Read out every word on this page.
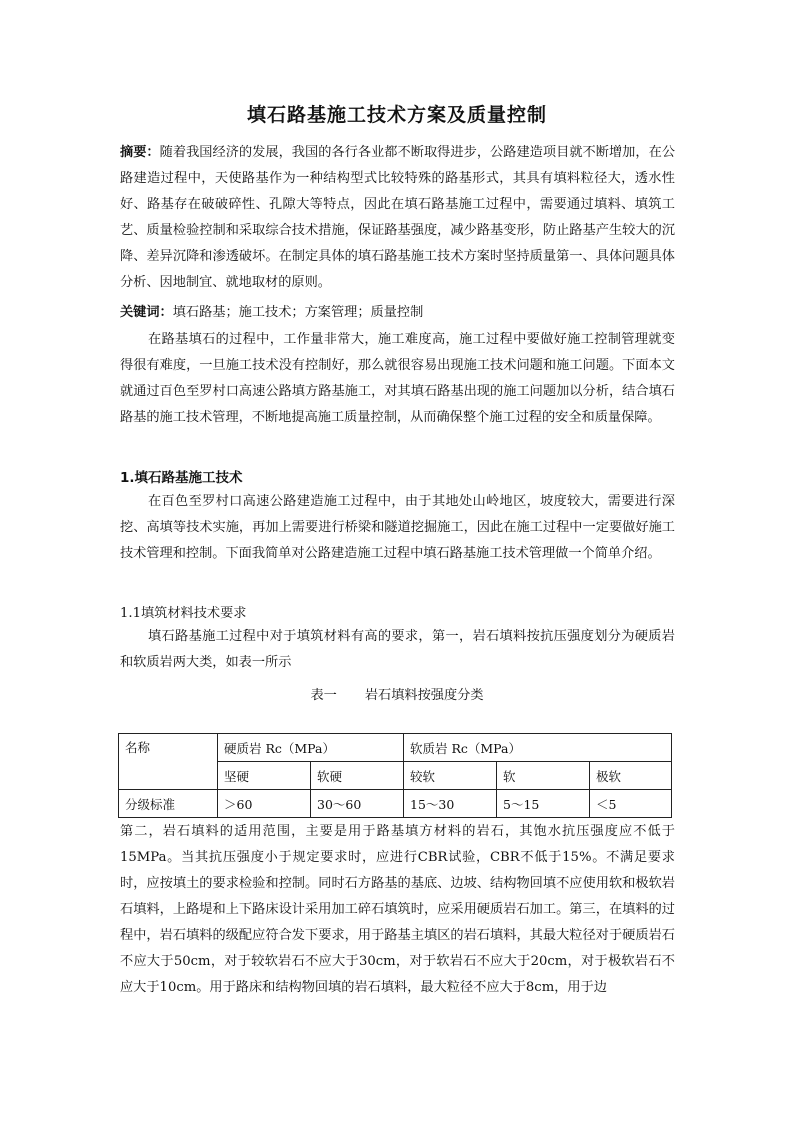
填石路基施工技术方案及质量控制
摘要：随着我国经济的发展，我国的各行各业都不断取得进步，公路建造项目就不断增加，在公路建造过程中，天使路基作为一种结构型式比较特殊的路基形式，其具有填料粒径大，透水性好、路基存在破破碎性、孔隙大等特点，因此在填石路基施工过程中，需要通过填料、填筑工艺、质量检验控制和采取综合技术措施，保证路基强度，减少路基变形，防止路基产生较大的沉降、差异沉降和渗透破坏。在制定具体的填石路基施工技术方案时坚持质量第一、具体问题具体分析、因地制宜、就地取材的原则。
关键词：填石路基；施工技术；方案管理；质量控制
在路基填石的过程中，工作量非常大，施工难度高，施工过程中要做好施工控制管理就变得很有难度，一旦施工技术没有控制好，那么就很容易出现施工技术问题和施工问题。下面本文就通过百色至罗村口高速公路填方路基施工，对其填石路基出现的施工问题加以分析，结合填石路基的施工技术管理，不断地提高施工质量控制，从而确保整个施工过程的安全和质量保障。
1.填石路基施工技术
在百色至罗村口高速公路建造施工过程中，由于其地处山岭地区，坡度较大，需要进行深挖、高填等技术实施，再加上需要进行桥梁和隧道挖掘施工，因此在施工过程中一定要做好施工技术管理和控制。下面我简单对公路建造施工过程中填石路基施工技术管理做一个简单介绍。
1.1填筑材料技术要求
填石路基施工过程中对于填筑材料有高的要求，第一，岩石填料按抗压强度划分为硬质岩和软质岩两大类，如表一所示
表一 岩石填料按强度分类
名称	硬质岩 Rc（MPa）		软质岩 Rc（MPa）		
	坚硬	软硬	较软	软	极软
分级标准	＞60	30～60	15～30	5～15	＜5
第二，岩石填料的适用范围，主要是用于路基填方材料的岩石，其饱水抗压强度应不低于15MPa。当其抗压强度小于规定要求时，应进行CBR试验，CBR不低于15%。不满足要求时，应按填土的要求检验和控制。同时石方路基的基底、边坡、结构物回填不应使用软和极软岩石填料，上路堤和上下路床设计采用加工碎石填筑时，应采用硬质岩石加工。第三，在填料的过程中，岩石填料的级配应符合发下要求，用于路基主填区的岩石填料，其最大粒径对于硬质岩石不应大于50cm，对于较软岩石不应大于30cm，对于软岩石不应大于20cm，对于极软岩石不应大于10cm。用于路床和结构物回填的岩石填料，最大粒径不应大于8cm，用于边
